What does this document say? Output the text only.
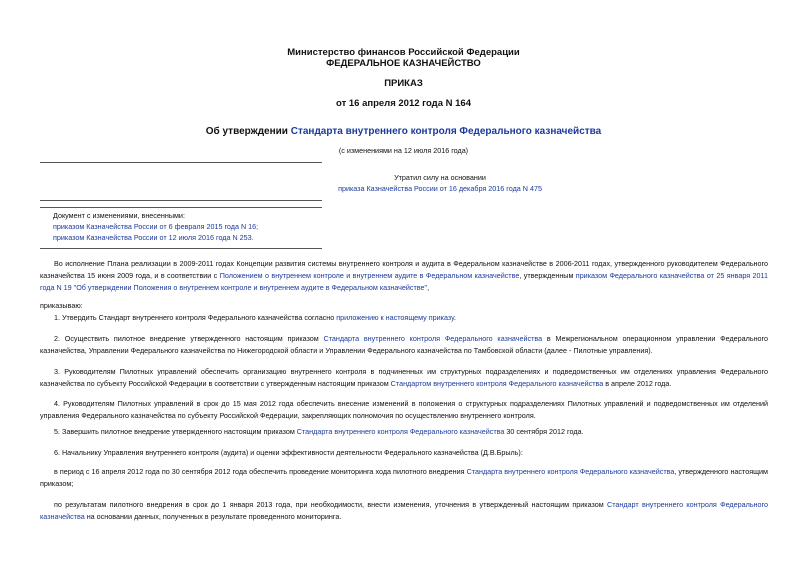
Министерство финансов Российской Федерации
ФЕДЕРАЛЬНОЕ КАЗНАЧЕЙСТВО
ПРИКАЗ
от 16 апреля 2012 года N 164
Об утверждении Стандарта внутреннего контроля Федерального казначейства
(с изменениями на 12 июля 2016 года)
Утратил силу на основании
приказа Казначейства России от 16 декабря 2016 года N 475
Документ с изменениями, внесенными:
приказом Казначейства России от 6 февраля 2015 года N 16;
приказом Казначейства России от 12 июля 2016 года N 253.
Во исполнение Плана реализации в 2009-2011 годах Концепции развития системы внутреннего контроля и аудита в Федеральном казначействе в 2006-2011 годах, утвержденного руководителем Федерального казначейства 15 июня 2009 года, и в соответствии с Положением о внутреннем контроле и внутреннем аудите в Федеральном казначействе, утвержденным приказом Федерального казначейства от 25 января 2011 года N 19 "Об утверждении Положения о внутреннем контроле и внутреннем аудите в Федеральном казначействе",
приказываю:
1. Утвердить Стандарт внутреннего контроля Федерального казначейства согласно приложению к настоящему приказу.
2. Осуществить пилотное внедрение утвержденного настоящим приказом Стандарта внутреннего контроля Федерального казначейства в Межрегиональном операционном управлении Федерального казначейства, Управлении Федерального казначейства по Нижегородской области и Управлении Федерального казначейства по Тамбовской области (далее - Пилотные управления).
3. Руководителям Пилотных управлений обеспечить организацию внутреннего контроля в подчиненных им структурных подразделениях и подведомственных им отделениях управления Федерального казначейства по субъекту Российской Федерации в соответствии с утвержденным настоящим приказом Стандартом внутреннего контроля Федерального казначейства в апреле 2012 года.
4. Руководителям Пилотных управлений в срок до 15 мая 2012 года обеспечить внесение изменений в положения о структурных подразделениях Пилотных управлений и подведомственных им отделений управления Федерального казначейства по субъекту Российской Федерации, закрепляющих полномочия по осуществлению внутреннего контроля.
5. Завершить пилотное внедрение утвержденного настоящим приказом Стандарта внутреннего контроля Федерального казначейства 30 сентября 2012 года.
6. Начальнику Управления внутреннего контроля (аудита) и оценки эффективности деятельности Федерального казначейства (Д.В.Брыль):
в период с 16 апреля 2012 года по 30 сентября 2012 года обеспечить проведение мониторинга хода пилотного внедрения Стандарта внутреннего контроля Федерального казначейства, утвержденного настоящим приказом;
по результатам пилотного внедрения в срок до 1 января 2013 года, при необходимости, внести изменения, уточнения в утвержденный настоящим приказом Стандарт внутреннего контроля Федерального казначейства на основании данных, полученных в результате проведенного мониторинга.
